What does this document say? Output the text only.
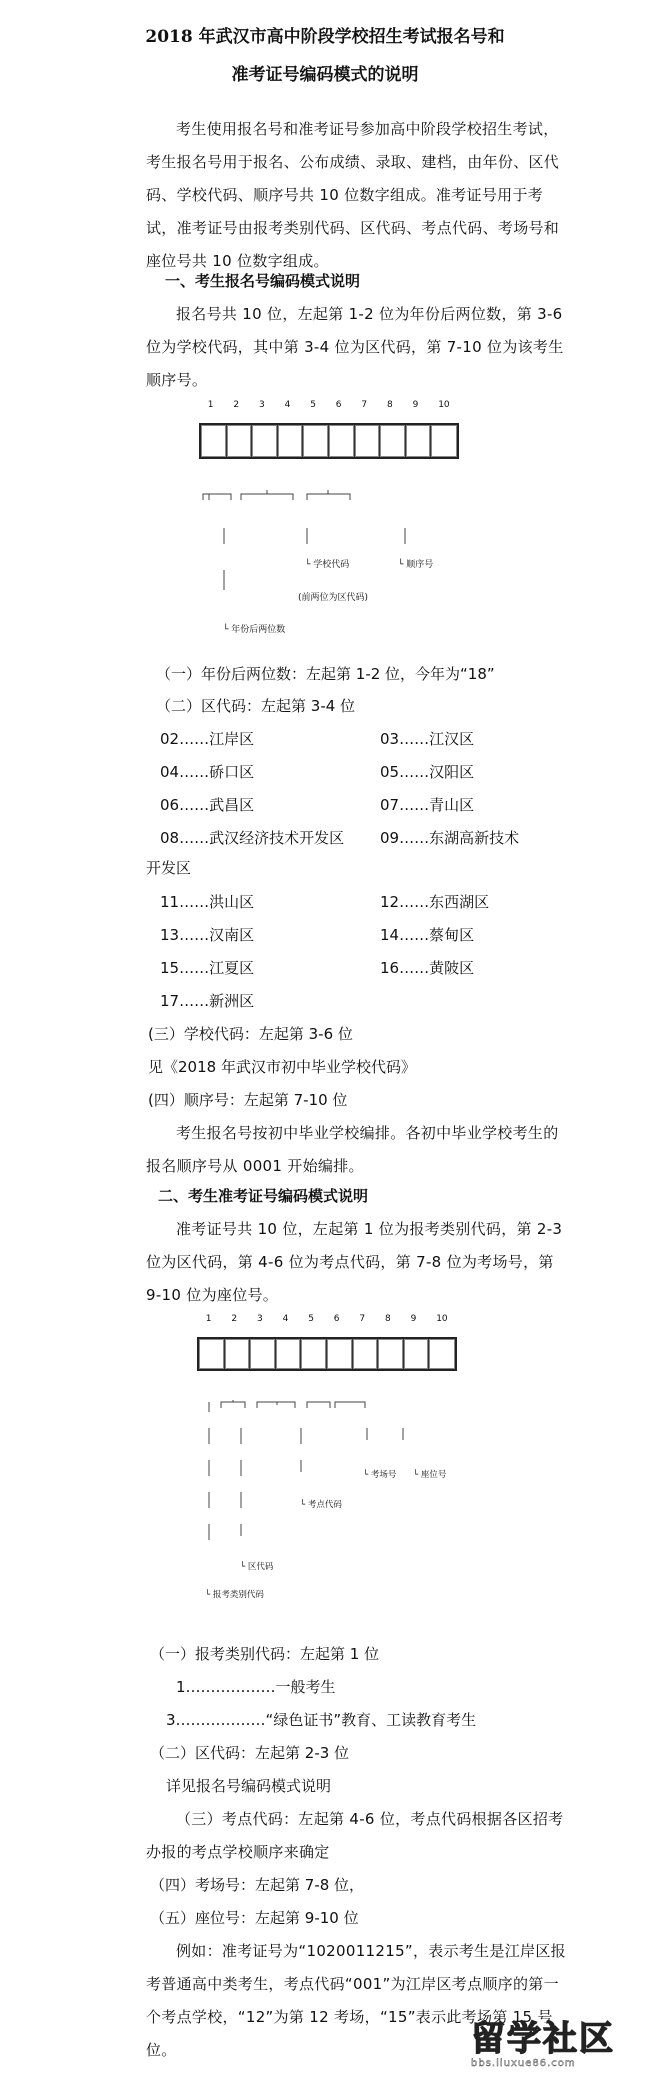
2018 年武汉市高中阶段学校招生考试报名号和
准考证号编码模式的说明
考生使用报名号和准考证号参加高中阶段学校招生考试，考生报名号用于报名、公布成绩、录取、建档，由年份、区代码、学校代码、顺序号共 10 位数字组成。准考证号用于考试，准考证号由报考类别代码、区代码、考点代码、考场号和座位号共 10 位数字组成。
一、考生报名号编码模式说明
报名号共 10 位，左起第 1-2 位为年份后两位数，第 3-6 位为学校代码，其中第 3-4 位为区代码，第 7-10 位为该考生顺序号。
1 2 3 4 5 6 7 8 9 10
└ 学校代码	└ 顺序号
(前两位为区代码)
└ 年份后两位数
（一）年份后两位数：左起第 1-2 位，今年为“18”
（二）区代码：左起第 3-4 位
02……江岸区	03……江汉区
04……硚口区	05……汉阳区
06……武昌区	07……青山区
08……武汉经济技术开发区 09……东湖高新技术
开发区
11……洪山区	12……东西湖区
13……汉南区	14……蔡甸区
15……江夏区	16……黄陂区
17……新洲区
(三）学校代码：左起第 3-6 位
见《2018 年武汉市初中毕业学校代码》
(四）顺序号：左起第 7-10 位
考生报名号按初中毕业学校编排。各初中毕业学校考生的报名顺序号从 0001 开始编排。
二、考生准考证号编码模式说明
准考证号共 10 位，左起第 1 位为报考类别代码，第 2-3 位为区代码，第 4-6 位为考点代码，第 7-8 位为考场号，第 9-10 位为座位号。
1 2 3 4 5 6 7 8 9 10
└ 考场号 └ 座位号
└ 考点代码
└ 区代码
└ 报考类别代码
（一）报考类别代码：左起第 1 位
1………………一般考生
3………………“绿色证书”教育、工读教育考生
（二）区代码：左起第 2-3 位
详见报名号编码模式说明
（三）考点代码：左起第 4-6 位，考点代码根据各区招考办报的考点学校顺序来确定
（四）考场号：左起第 7-8 位，
（五）座位号：左起第 9-10 位
例如：准考证号为“1020011215”，表示考生是江岸区报考普通高中类考生，考点代码“001”为江岸区考点顺序的第一个考点学校，“12”为第 12 考场，“15”表示此考场第 15 号位。	留学社区
bbs.liuxue86.com
